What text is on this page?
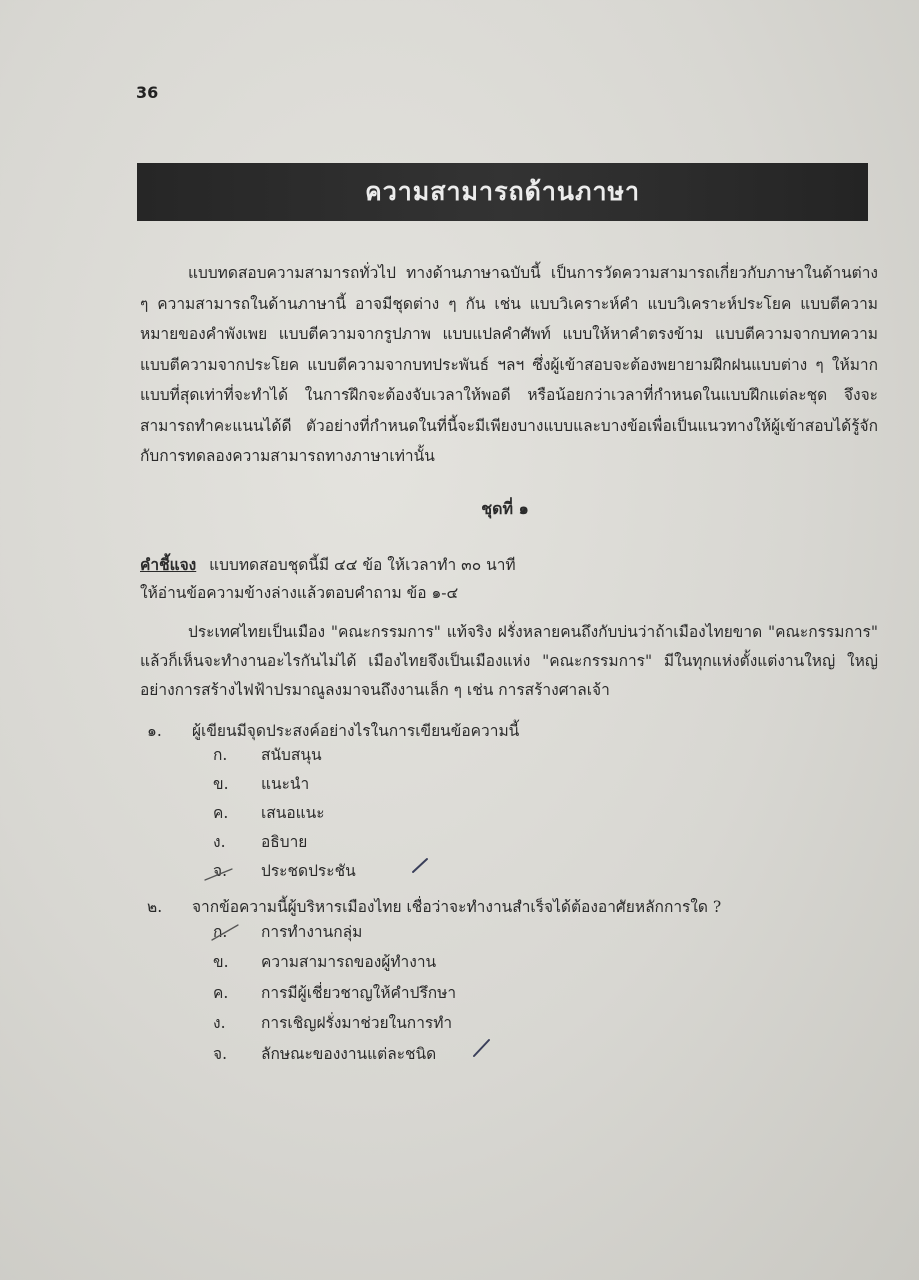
36
ความสามารถด้านภาษา

แบบทดสอบความสามารถทั่วไป ทางด้านภาษาฉบับนี้ เป็นการวัดความสามารถเกี่ยวกับภาษาในด้านต่าง ๆ ความสามารถในด้านภาษานี้ อาจมีชุดต่าง ๆ กัน เช่น แบบวิเคราะห์คำ แบบวิเคราะห์ประโยค แบบตีความหมายของคำพังเพย แบบตีความจากรูปภาพ แบบแปลคำศัพท์ แบบให้หาคำตรงข้าม แบบตีความจากบทความ แบบตีความจากประโยค แบบตีความจากบทประพันธ์ ฯลฯ ซึ่งผู้เข้าสอบจะต้องพยายามฝึกฝนแบบต่าง ๆ ให้มากแบบที่สุดเท่าที่จะทำได้ ในการฝึกจะต้องจับเวลาให้พอดี หรือน้อยกว่าเวลาที่กำหนดในแบบฝึกแต่ละชุด จึงจะสามารถทำคะแนนได้ดี ตัวอย่างที่กำหนดในที่นี้จะมีเพียงบางแบบและบางข้อเพื่อเป็นแนวทางให้ผู้เข้าสอบได้รู้จักกับการทดลองความสามารถทางภาษาเท่านั้น

ชุดที่ ๑
คำชี้แจง แบบทดสอบชุดนี้มี ๔๔ ข้อ ให้เวลาทำ ๓๐ นาที
ให้อ่านข้อความข้างล่างแล้วตอบคำถาม ข้อ ๑-๔

ประเทศไทยเป็นเมือง "คณะกรรมการ" แท้จริง ฝรั่งหลายคนถึงกับบ่นว่าถ้าเมืองไทยขาด "คณะกรรมการ" แล้วก็เห็นจะทำงานอะไรกันไม่ได้ เมืองไทยจึงเป็นเมืองแห่ง "คณะกรรมการ" มีในทุกแห่งตั้งแต่งานใหญ่ ใหญ่อย่างการสร้างไฟฟ้าปรมาณูลงมาจนถึงงานเล็ก ๆ เช่น การสร้างศาลเจ้า

๑. ผู้เขียนมีจุดประสงค์อย่างไรในการเขียนข้อความนี้
ก.	สนับสนุน
ข.	แนะนำ
ค.	เสนอแนะ
ง.	อธิบาย
จ.	ประชดประชัน
๒. จากข้อความนี้ผู้บริหารเมืองไทย เชื่อว่าจะทำงานสำเร็จได้ต้องอาศัยหลักการใด ?
ก.	การทำงานกลุ่ม
ข.	ความสามารถของผู้ทำงาน
ค.	การมีผู้เชี่ยวชาญให้คำปรึกษา
ง.	การเชิญฝรั่งมาช่วยในการทำ
จ.	ลักษณะของงานแต่ละชนิด
